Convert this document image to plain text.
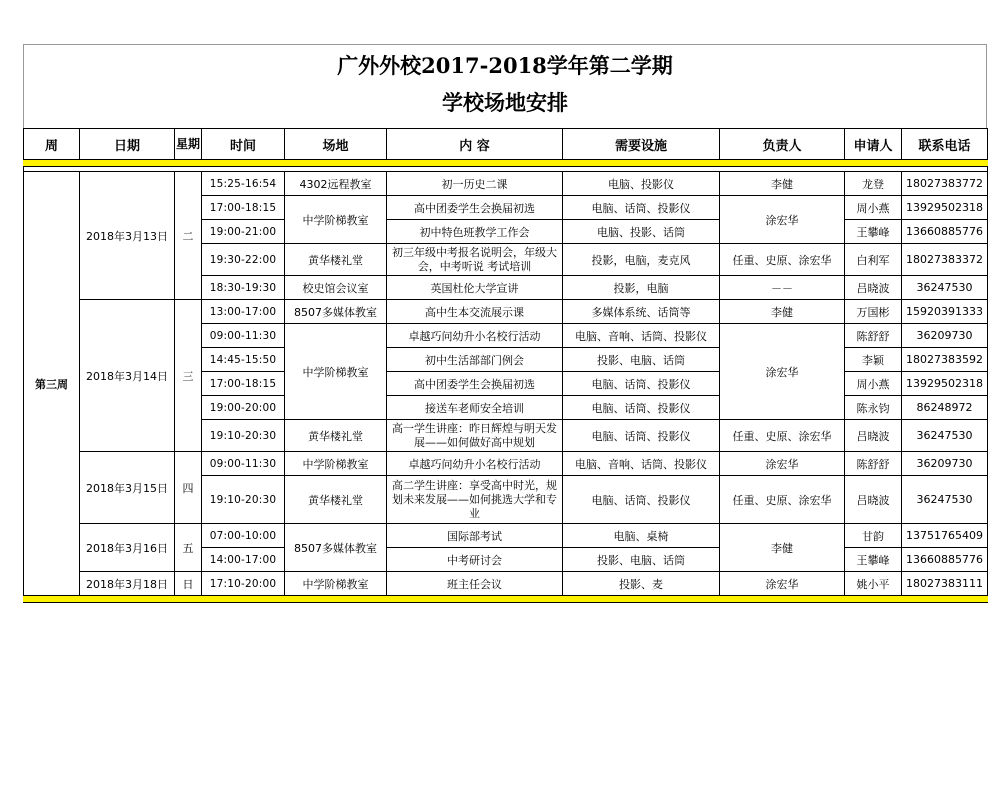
广外外校2017-2018学年第二学期
学校场地安排
周	日期	星期	时间	场地	内 容	需要设施	负责人	申请人	联系电话

第三周	2018年3月13日	二	15:25-16:54	4302远程教室	初一历史二课	电脑、投影仪	李健	龙登	18027383772
			17:00-18:15	中学阶梯教室	高中团委学生会换届初选	电脑、话筒、投影仪	涂宏华	周小燕	13929502318
			19:00-21:00		初中特色班教学工作会	电脑、投影、话筒		王攀峰	13660885776
			19:30-22:00	黄华楼礼堂	初三年级中考报名说明会，年级大会，中考听说 考试培训	投影，电脑，麦克风	任重、史原、涂宏华	白利军	18027383372
			18:30-19:30	校史馆会议室	英国杜伦大学宣讲	投影，电脑	－－	吕晓波	36247530
	2018年3月14日	三	13:00-17:00	8507多媒体教室	高中生本交流展示课	多媒体系统、话筒等	李健	万国彬	15920391333
			09:00-11:30	中学阶梯教室	卓越巧问幼升小名校行活动	电脑、音响、话筒、投影仪	涂宏华	陈舒舒	36209730
			14:45-15:50		初中生活部部门例会	投影、电脑、话筒		李颖	18027383592
			17:00-18:15		高中团委学生会换届初选	电脑、话筒、投影仪		周小燕	13929502318
			19:00-20:00		接送车老师安全培训	电脑、话筒、投影仪		陈永钧	86248972
			19:10-20:30	黄华楼礼堂	高一学生讲座：昨日辉煌与明天发展——如何做好高中规划	电脑、话筒、投影仪	任重、史原、涂宏华	吕晓波	36247530
	2018年3月15日	四	09:00-11:30	中学阶梯教室	卓越巧问幼升小名校行活动	电脑、音响、话筒、投影仪	涂宏华	陈舒舒	36209730
			19:10-20:30	黄华楼礼堂	高二学生讲座：享受高中时光，规划未来发展——如何挑选大学和专业	电脑、话筒、投影仪	任重、史原、涂宏华	吕晓波	36247530
	2018年3月16日	五	07:00-10:00	8507多媒体教室	国际部考试	电脑、桌椅	李健	甘韵	13751765409
			14:00-17:00		中考研讨会	投影、电脑、话筒		王攀峰	13660885776
	2018年3月18日	日	17:10-20:00	中学阶梯教室	班主任会议	投影、麦	涂宏华	姚小平	18027383111
